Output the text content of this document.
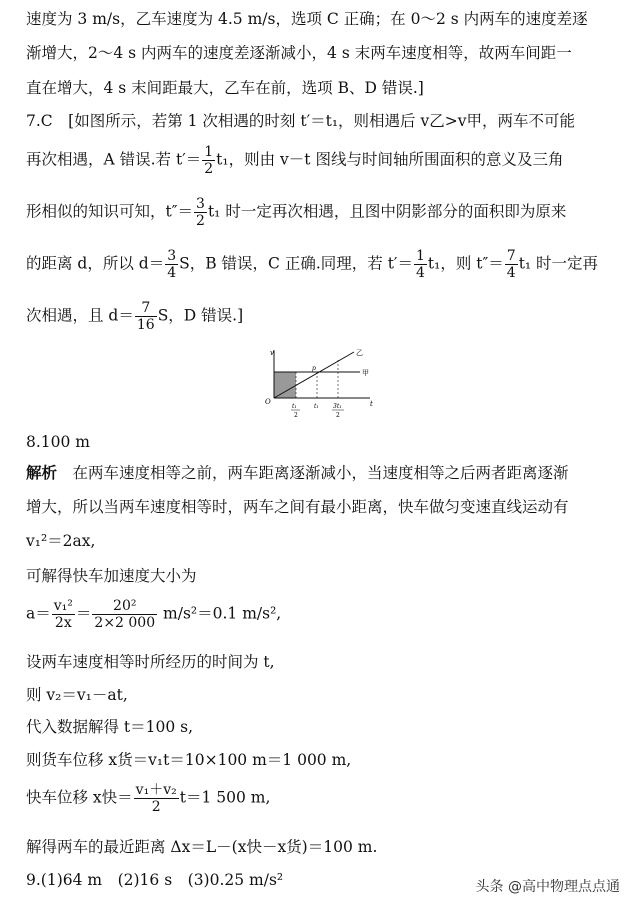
速度为 3 m/s，乙车速度为 4.5 m/s，选项 C 正确；在 0～2 s 内两车的速度差逐
渐增大，2～4 s 内两车的速度差逐渐减小，4 s 末两车速度相等，故两车间距一
直在增大，4 s 末间距最大，乙车在前，选项 B、D 错误.]
7.C　[如图所示，若第 1 次相遇的时刻 t′＝t₁，则相遇后 v乙>v甲，两车不可能
再次相遇，A 错误.若 $t'= \frac{1}{2} t_1$，则由 v－t 图线与时间轴所围面积的意义及三角
形相似的知识可知，$t''= \frac{3}{2} t_1$ 时一定再次相遇，且图中阴影部分的面积即为原来
的距离 d，所以 $d= \frac{3}{4}$ S，B 错误，C 正确.同理，若 $t'= \frac{1}{4} t_1$，则 $t''= \frac{7}{4} t_1$ 时一定再
次相遇，且 $d= \frac{7}{16}$ S，D 错误.]
v
O	t
甲
乙
p
t₁
2
t₁ 3t₁
2
8.100 m
解析　在两车速度相等之前，两车距离逐渐减小，当速度相等之后两者距离逐渐
增大，所以当两车速度相等时，两车之间有最小距离，快车做匀变速直线运动有
v₁²＝2ax,
可解得快车加速度大小为
$a= \frac{\text{v₁²}}{2x} = \frac{\text{20²}}{2\times 2 000} m/s^2=0.1$ m/s²,
设两车速度相等时所经历的时间为 t,
则 v₂＝v₁－at,
代入数据解得 t＝100 s,
则货车位移 x货＝v₁t＝10×100 m＝1 000 m,
快车位移 x快＝ $\frac{\text{v₁＋v₂}}{2} t=1$ 500 m,
解得两车的最近距离 Δx＝L－(x快－x货)＝100 m.
9.(1)64 m　(2)16 s　(3)0.25 m/s²	头条 @高中物理点点通
